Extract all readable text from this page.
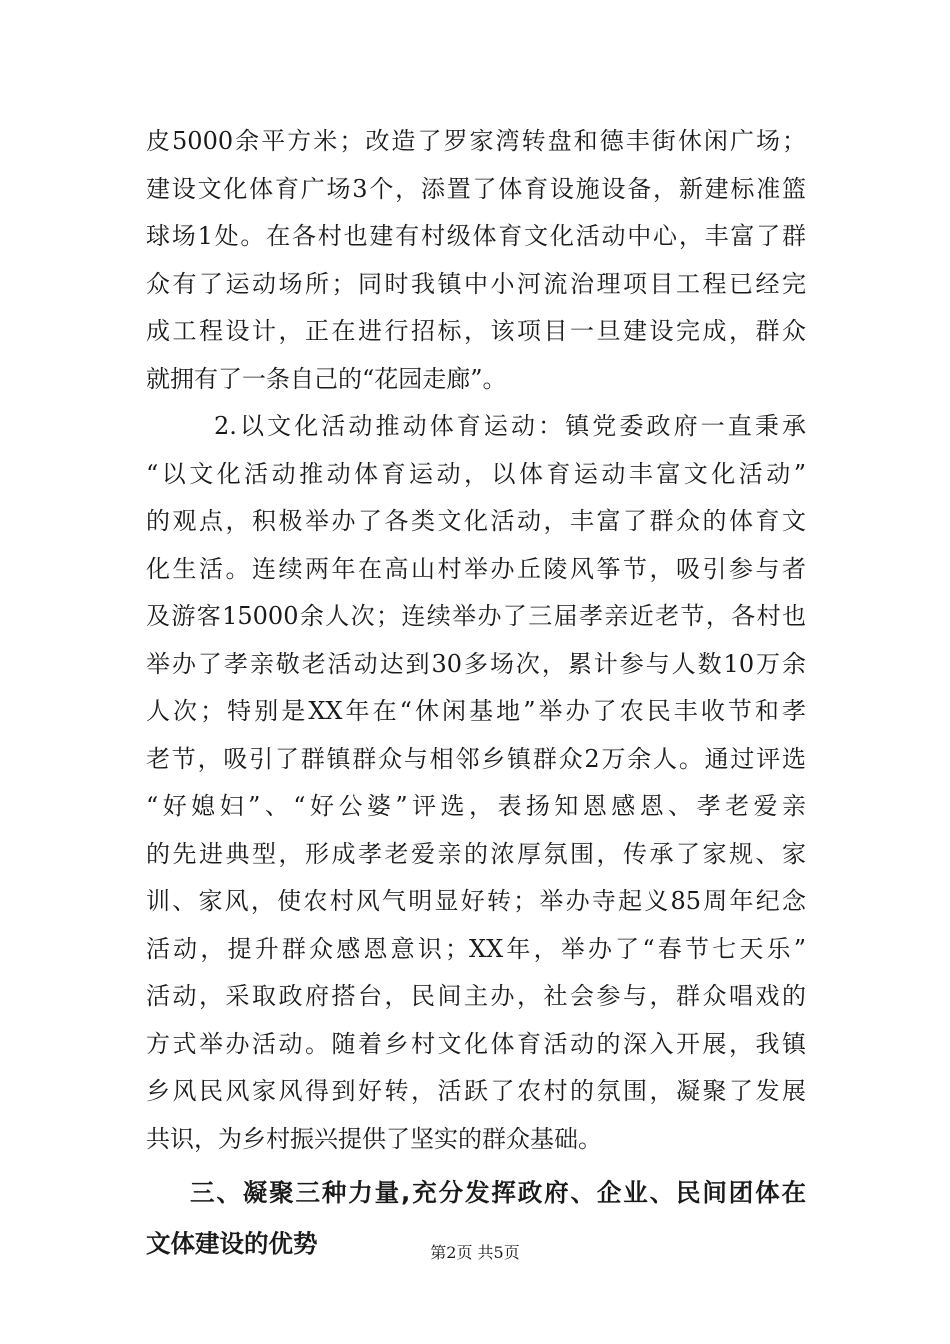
皮5000余平方米；改造了罗家湾转盘和德丰街休闲广场；
建设文化体育广场3个，添置了体育设施设备，新建标准篮
球场1处。在各村也建有村级体育文化活动中心，丰富了群
众有了运动场所；同时我镇中小河流治理项目工程已经完
成工程设计，正在进行招标，该项目一旦建设完成，群众
就拥有了一条自己的“花园走廊”。
2.以文化活动推动体育运动：镇党委政府一直秉承
“以文化活动推动体育运动，以体育运动丰富文化活动”
的观点，积极举办了各类文化活动，丰富了群众的体育文
化生活。连续两年在高山村举办丘陵风筝节，吸引参与者
及游客15000余人次；连续举办了三届孝亲近老节，各村也
举办了孝亲敬老活动达到30多场次，累计参与人数10万余
人次；特别是XX年在“休闲基地”举办了农民丰收节和孝
老节，吸引了群镇群众与相邻乡镇群众2万余人。通过评选
“好媳妇”、“好公婆”评选，表扬知恩感恩、孝老爱亲
的先进典型，形成孝老爱亲的浓厚氛围，传承了家规、家
训、家风，使农村风气明显好转；举办寺起义85周年纪念
活动，提升群众感恩意识；XX年，举办了“春节七天乐”
活动，采取政府搭台，民间主办，社会参与，群众唱戏的
方式举办活动。随着乡村文化体育活动的深入开展，我镇
乡风民风家风得到好转，活跃了农村的氛围，凝聚了发展
共识，为乡村振兴提供了坚实的群众基础。
三、凝聚三种力量,充分发挥政府、企业、民间团体在
文体建设的优势	第2页 共5页
